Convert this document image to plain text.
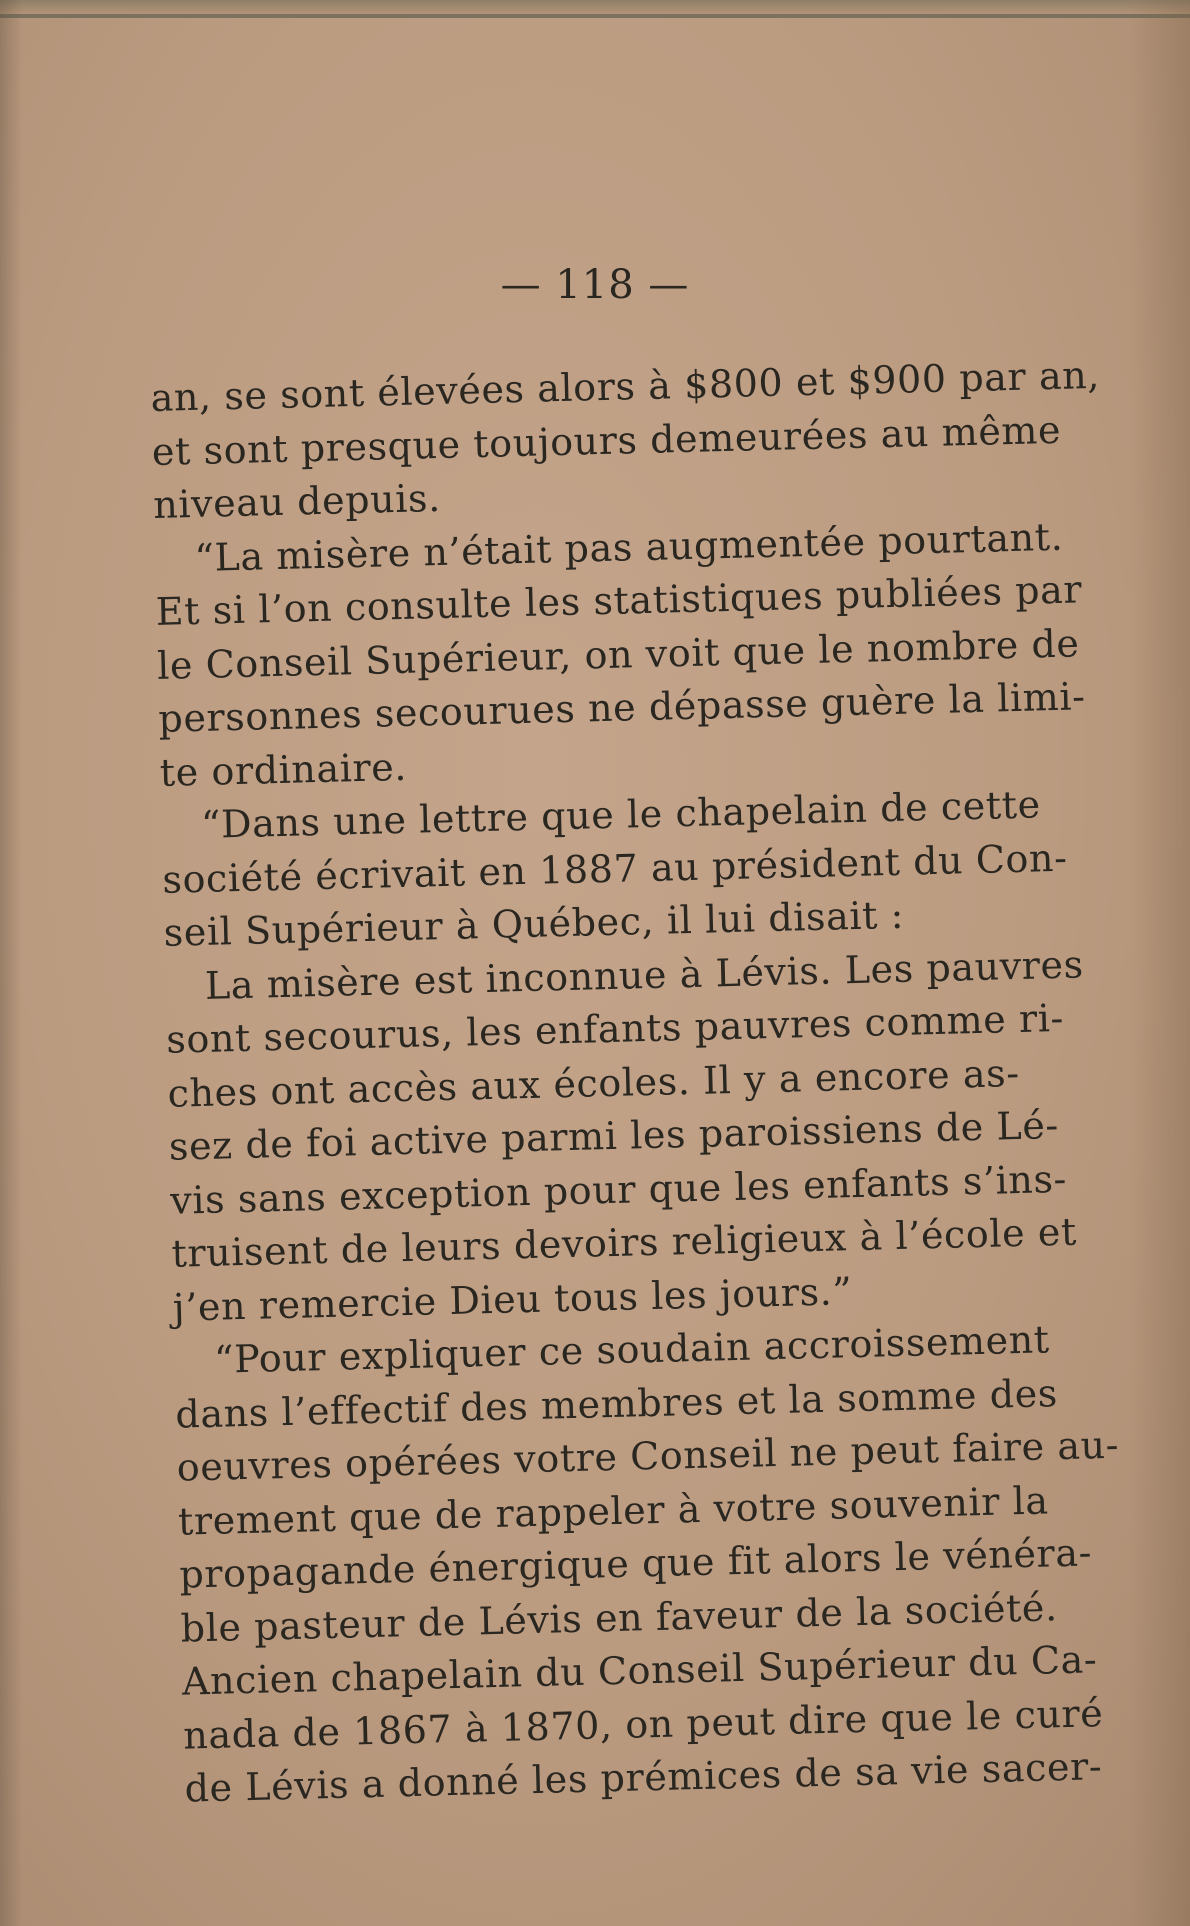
— 118 —
an, se sont élevées alors à $800 et $900 par an,
et sont presque toujours demeurées au même
niveau depuis.
“La misère n’était pas augmentée pourtant.
Et si l’on consulte les statistiques publiées par
le Conseil Supérieur, on voit que le nombre de
personnes secourues ne dépasse guère la limi-
te ordinaire.
“Dans une lettre que le chapelain de cette
société écrivait en 1887 au président du Con-
seil Supérieur à Québec, il lui disait :
La misère est inconnue à Lévis. Les pauvres
sont secourus, les enfants pauvres comme ri-
ches ont accès aux écoles. Il y a encore as-
sez de foi active parmi les paroissiens de Lé-
vis sans exception pour que les enfants s’ins-
truisent de leurs devoirs religieux à l’école et
j’en remercie Dieu tous les jours.”
“Pour expliquer ce soudain accroissement
dans l’effectif des membres et la somme des
oeuvres opérées votre Conseil ne peut faire au-
trement que de rappeler à votre souvenir la
propagande énergique que fit alors le vénéra-
ble pasteur de Lévis en faveur de la société.
Ancien chapelain du Conseil Supérieur du Ca-
nada de 1867 à 1870, on peut dire que le curé
de Lévis a donné les prémices de sa vie sacer-
